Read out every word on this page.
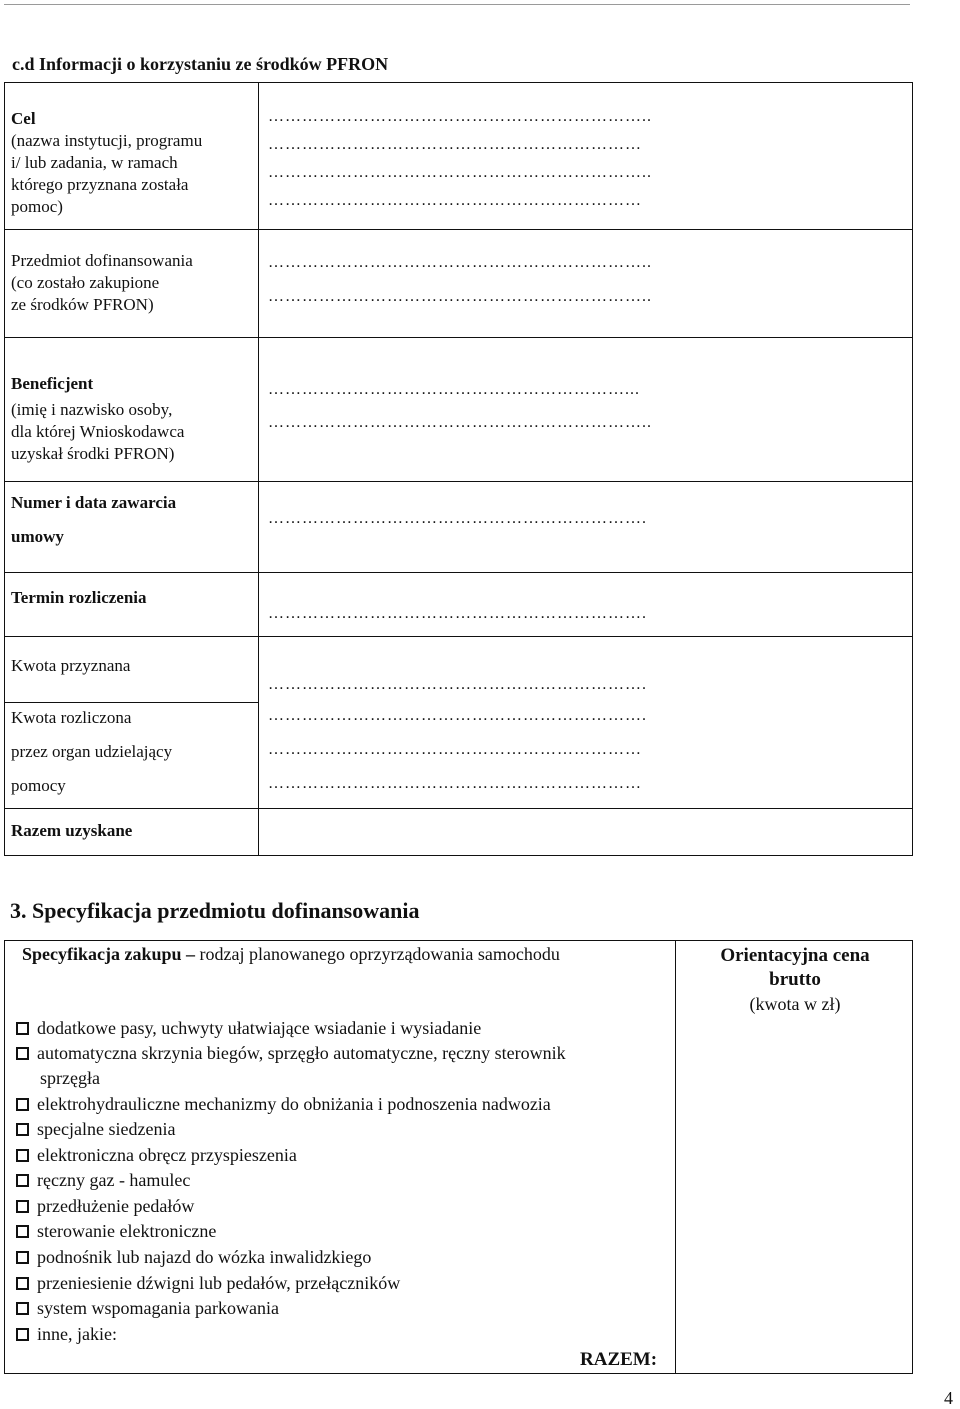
c.d Informacji o korzystaniu ze środków PFRON
Cel
(nazwa instytucji, programu
i/ lub zadania, w ramach
którego przyznana została
pomoc)
…………………………………………………………..
…………………………………………………………
…………………………………………………………..
…………………………………………………………
Przedmiot dofinansowania
(co zostało zakupione
ze środków PFRON)
…………………………………………………………..
…………………………………………………………..
Beneficjent
(imię i nazwisko osoby,
dla której Wnioskodawca
uzyskał środki PFRON)
………………………………………………………...
…………………………………………………………..
Numer i data zawarcia
umowy
………………………………………………………….
Termin rozliczenia
………………………………………………………….
Kwota przyznana
………………………………………………………….
Kwota rozliczona
przez organ udzielający
pomocy
………………………………………………………….
…………………………………………………………
…………………………………………………………
Razem uzyskane
3. Specyfikacja przedmiotu dofinansowania
Specyfikacja zakupu – rodzaj planowanego oprzyrządowania samochodu	Orientacyjna cena
brutto
(kwota w zł)
dodatkowe pasy, uchwyty ułatwiające wsiadanie i wysiadanie
automatyczna skrzynia biegów, sprzęgło automatyczne, ręczny sterownik
sprzęgła
elektrohydrauliczne mechanizmy do obniżania i podnoszenia nadwozia
specjalne siedzenia
elektroniczna obręcz przyspieszenia
ręczny gaz - hamulec
przedłużenie pedałów
sterowanie elektroniczne
podnośnik lub najazd do wózka inwalidzkiego
przeniesienie dźwigni lub pedałów, przełączników
system wspomagania parkowania
inne, jakie:
RAZEM:
4
